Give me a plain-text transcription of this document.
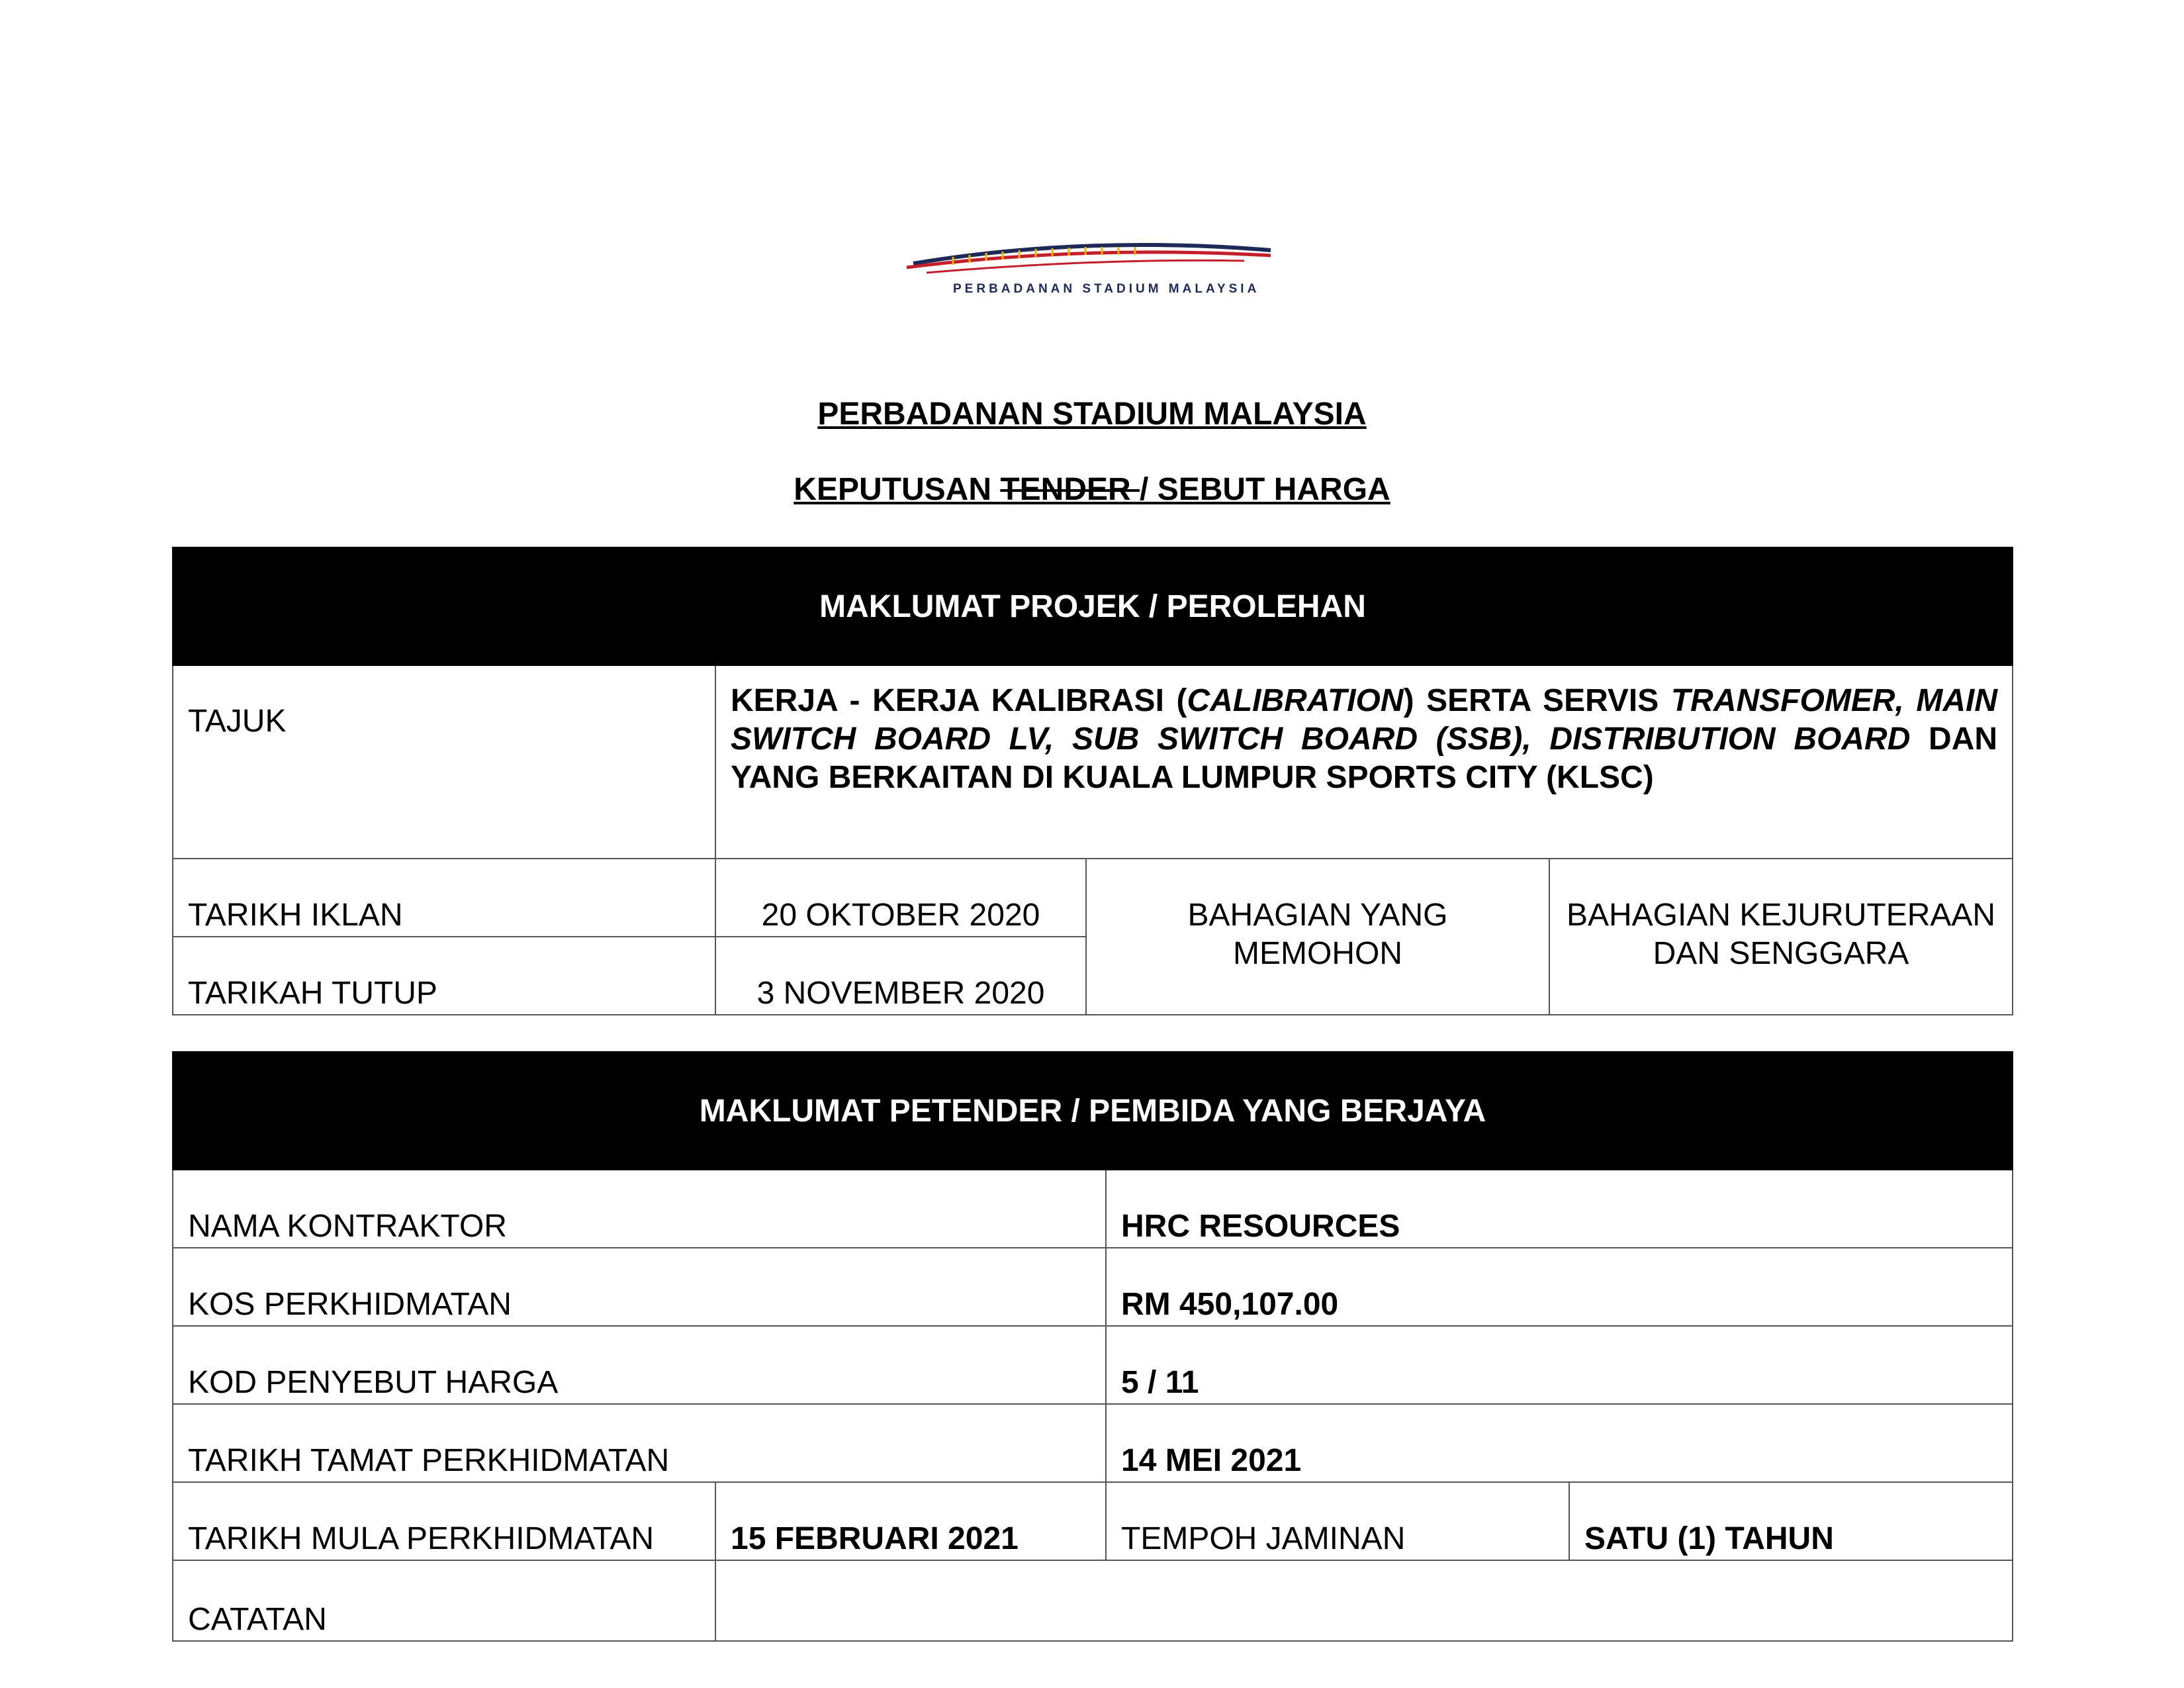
PERBADANAN STADIUM MALAYSIA
PERBADANAN STADIUM MALAYSIA
KEPUTUSAN TENDER / SEBUT HARGA
MAKLUMAT PROJEK / PEROLEHAN			
TAJUK	KERJA - KERJA KALIBRASI (CALIBRATION) SERTA SERVIS TRANSFOMER, MAIN SWITCH BOARD LV, SUB SWITCH BOARD (SSB), DISTRIBUTION BOARD DAN YANG BERKAITAN DI KUALA LUMPUR SPORTS CITY (KLSC)		
TARIKH IKLAN	20 OKTOBER 2020	BAHAGIAN YANG MEMOHON	BAHAGIAN KEJURUTERAAN DAN SENGGARA
TARIKAH TUTUP	3 NOVEMBER 2020		
MAKLUMAT PETENDER / PEMBIDA YANG BERJAYA			
NAMA KONTRAKTOR		HRC RESOURCES	
KOS PERKHIDMATAN		RM 450,107.00	
KOD PENYEBUT HARGA		5 / 11	
TARIKH TAMAT PERKHIDMATAN		14 MEI 2021	
TARIKH MULA PERKHIDMATAN	15 FEBRUARI 2021	TEMPOH JAMINAN	SATU (1) TAHUN
CATATAN			
